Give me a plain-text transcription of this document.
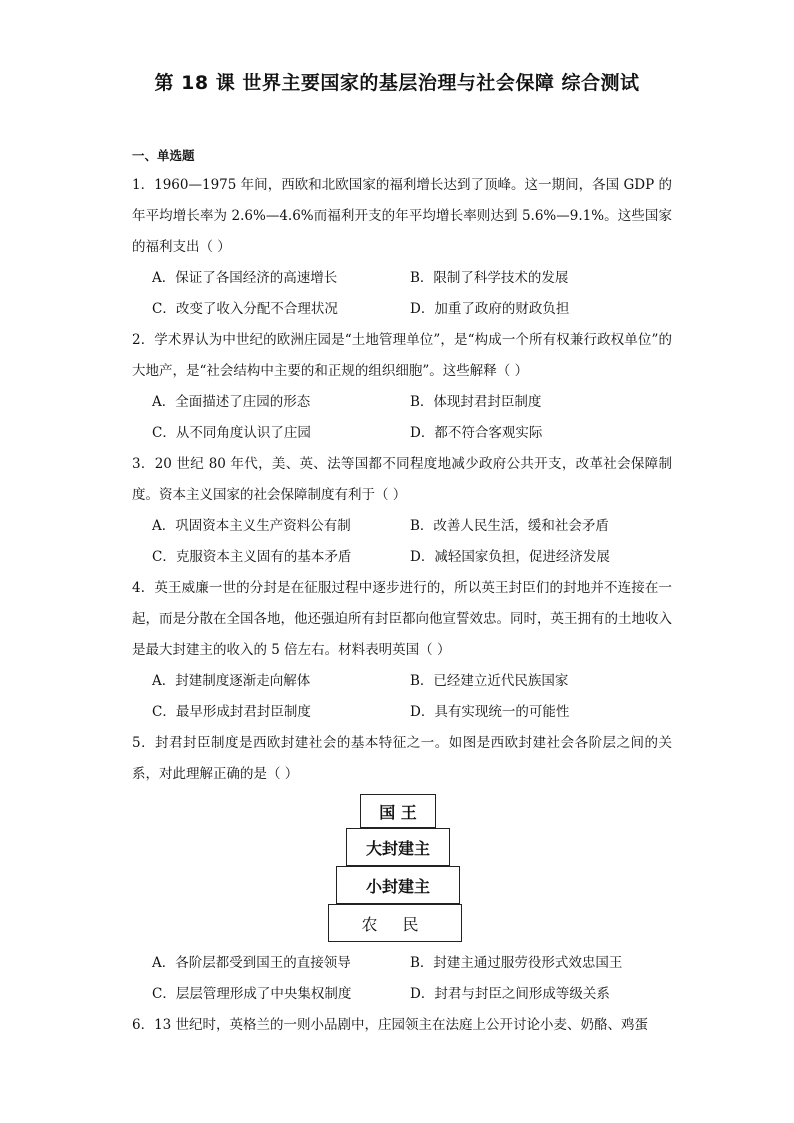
第 18 课 世界主要国家的基层治理与社会保障 综合测试
一、单选题
1．1960—1975 年间，西欧和北欧国家的福利增长达到了顶峰。这一期间，各国 GDP 的年平均增长率为 2.6%—4.6%而福利开支的年平均增长率则达到 5.6%—9.1%。这些国家的福利支出（ ）
A．保证了各国经济的高速增长	B．限制了科学技术的发展
C．改变了收入分配不合理状况	D．加重了政府的财政负担
2．学术界认为中世纪的欧洲庄园是“土地管理单位”，是“构成一个所有权兼行政权单位”的大地产，是“社会结构中主要的和正规的组织细胞”。这些解释（ ）
A．全面描述了庄园的形态	B．体现封君封臣制度
C．从不同角度认识了庄园	D．都不符合客观实际
3．20 世纪 80 年代，美、英、法等国都不同程度地减少政府公共开支，改革社会保障制度。资本主义国家的社会保障制度有利于（ ）
A．巩固资本主义生产资料公有制	B．改善人民生活，缓和社会矛盾
C．克服资本主义固有的基本矛盾	D．减轻国家负担，促进经济发展
4．英王威廉一世的分封是在征服过程中逐步进行的，所以英王封臣们的封地并不连接在一起，而是分散在全国各地，他还强迫所有封臣都向他宣誓效忠。同时，英王拥有的土地收入是最大封建主的收入的 5 倍左右。材料表明英国（ ）
A．封建制度逐渐走向解体	B．已经建立近代民族国家
C．最早形成封君封臣制度	D．具有实现统一的可能性
5．封君封臣制度是西欧封建社会的基本特征之一。如图是西欧封建社会各阶层之间的关系，对此理解正确的是（ ）
国 王
大封建主
小封建主
农 民
A．各阶层都受到国王的直接领导	B．封建主通过服劳役形式效忠国王
C．层层管理形成了中央集权制度	D．封君与封臣之间形成等级关系
6．13 世纪时，英格兰的一则小品剧中，庄园领主在法庭上公开讨论小麦、奶酪、鸡蛋
